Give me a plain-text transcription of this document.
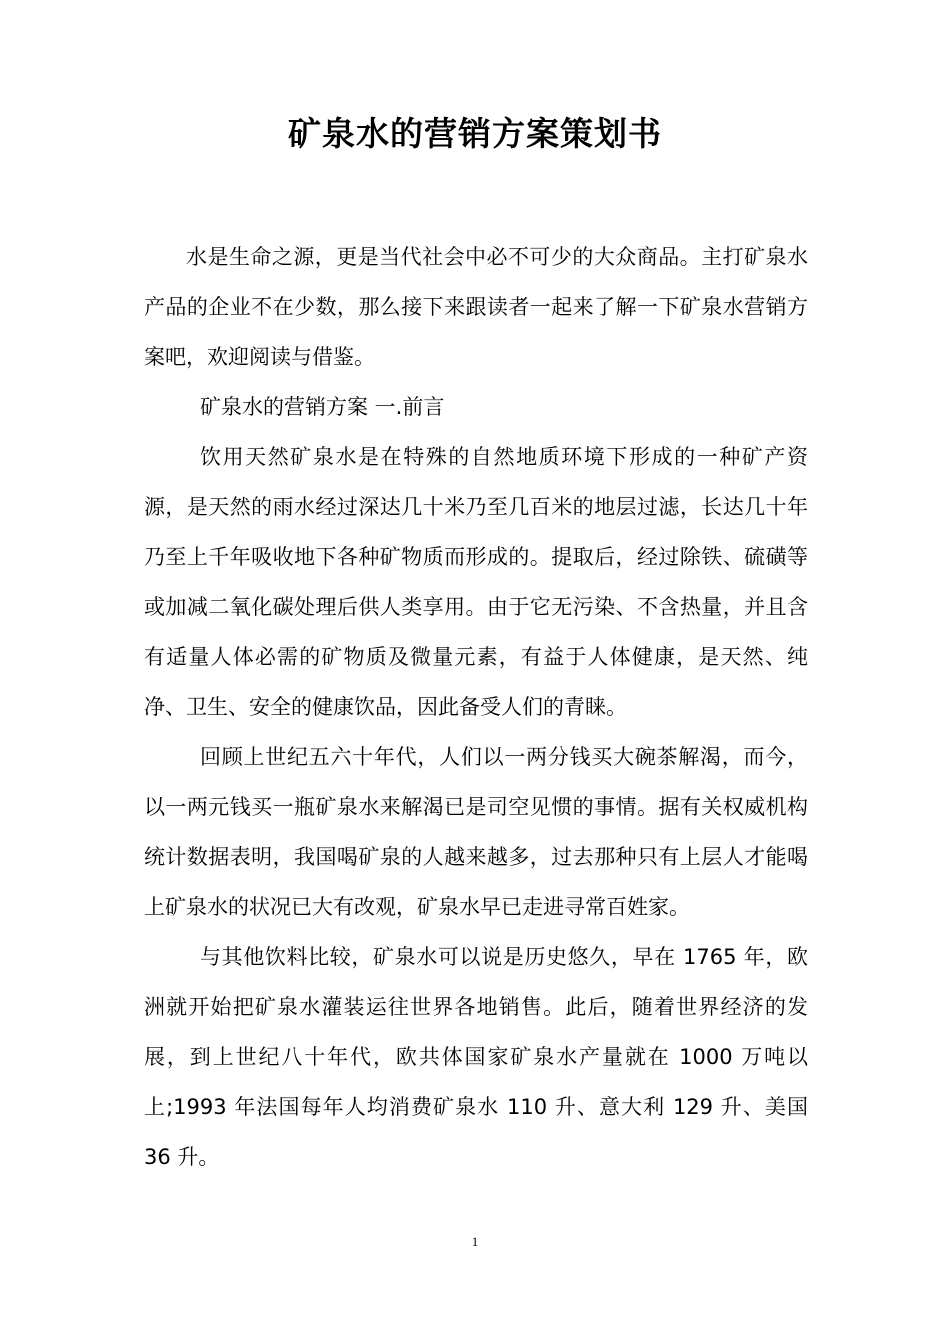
矿泉水的营销方案策划书

水是生命之源，更是当代社会中必不可少的大众商品。主打矿泉水产品的企业不在少数，那么接下来跟读者一起来了解一下矿泉水营销方案吧，欢迎阅读与借鉴。

矿泉水的营销方案 一.前言

饮用天然矿泉水是在特殊的自然地质环境下形成的一种矿产资源，是天然的雨水经过深达几十米乃至几百米的地层过滤，长达几十年乃至上千年吸收地下各种矿物质而形成的。提取后，经过除铁、硫磺等或加减二氧化碳处理后供人类享用。由于它无污染、不含热量，并且含有适量人体必需的矿物质及微量元素，有益于人体健康，是天然、纯净、卫生、安全的健康饮品，因此备受人们的青睐。

回顾上世纪五六十年代，人们以一两分钱买大碗茶解渴，而今，以一两元钱买一瓶矿泉水来解渴已是司空见惯的事情。据有关权威机构统计数据表明，我国喝矿泉的人越来越多，过去那种只有上层人才能喝上矿泉水的状况已大有改观，矿泉水早已走进寻常百姓家。

与其他饮料比较，矿泉水可以说是历史悠久，早在 1765 年，欧洲就开始把矿泉水灌装运往世界各地销售。此后，随着世界经济的发展，到上世纪八十年代，欧共体国家矿泉水产量就在 1000 万吨以上;1993 年法国每年人均消费矿泉水 110 升、意大利 129 升、美国 36 升。

1
